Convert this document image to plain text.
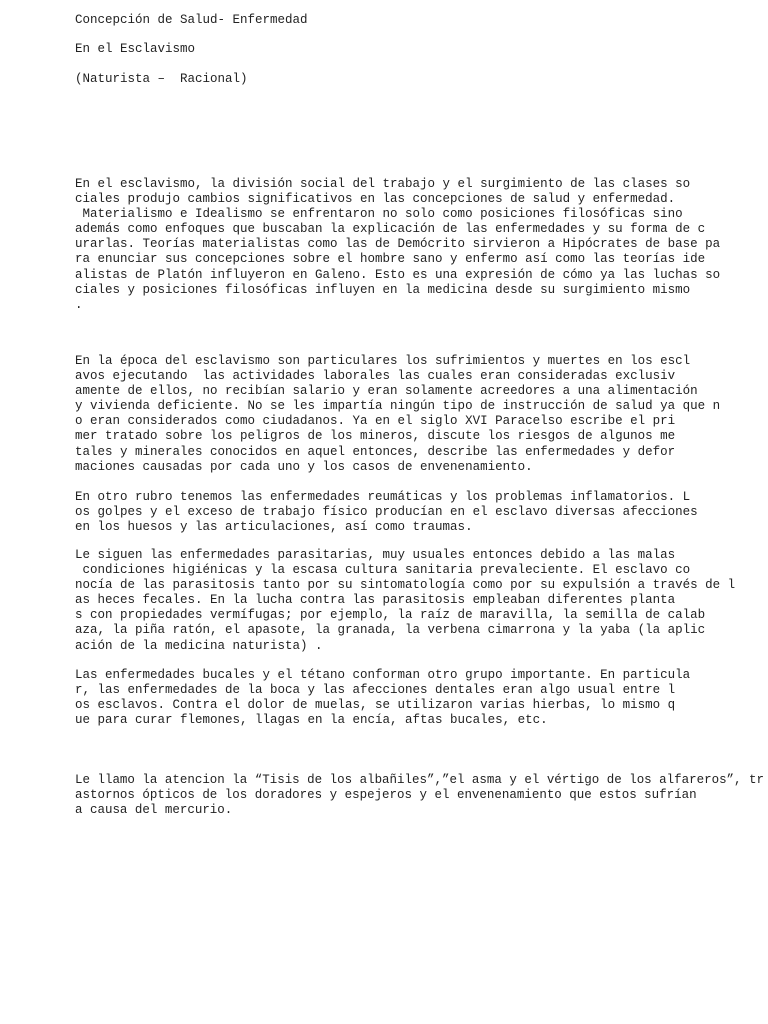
Concepción de Salud- Enfermedad
En el Esclavismo
(Naturista –  Racional)
En el esclavismo, la división social del trabajo y el surgimiento de las clases so
ciales produjo cambios significativos en las concepciones de salud y enfermedad.
Materialismo e Idealismo se enfrentaron no solo como posiciones filosóficas sino
además como enfoques que buscaban la explicación de las enfermedades y su forma de c
urarlas. Teorías materialistas como las de Demócrito sirvieron a Hipócrates de base pa
ra enunciar sus concepciones sobre el hombre sano y enfermo así como las teorías ide
alistas de Platón influyeron en Galeno. Esto es una expresión de cómo ya las luchas so
ciales y posiciones filosóficas influyen en la medicina desde su surgimiento mismo
.
En la época del esclavismo son particulares los sufrimientos y muertes en los escl
avos ejecutando  las actividades laborales las cuales eran consideradas exclusiv
amente de ellos, no recibían salario y eran solamente acreedores a una alimentación
y vivienda deficiente. No se les impartía ningún tipo de instrucción de salud ya que n
o eran considerados como ciudadanos. Ya en el siglo XVI Paracelso escribe el pri
mer tratado sobre los peligros de los mineros, discute los riesgos de algunos me
tales y minerales conocidos en aquel entonces, describe las enfermedades y defor
maciones causadas por cada uno y los casos de envenenamiento.
En otro rubro tenemos las enfermedades reumáticas y los problemas inflamatorios. L
os golpes y el exceso de trabajo físico producían en el esclavo diversas afecciones
en los huesos y las articulaciones, así como traumas.
Le siguen las enfermedades parasitarias, muy usuales entonces debido a las malas
condiciones higiénicas y la escasa cultura sanitaria prevaleciente. El esclavo co
nocía de las parasitosis tanto por su sintomatología como por su expulsión a través de l
as heces fecales. En la lucha contra las parasitosis empleaban diferentes planta
s con propiedades vermífugas; por ejemplo, la raíz de maravilla, la semilla de calab
aza, la piña ratón, el apasote, la granada, la verbena cimarrona y la yaba (la aplic
ación de la medicina naturista) .
Las enfermedades bucales y el tétano conforman otro grupo importante. En particula
r, las enfermedades de la boca y las afecciones dentales eran algo usual entre l
os esclavos. Contra el dolor de muelas, se utilizaron varias hierbas, lo mismo q
ue para curar flemones, llagas en la encía, aftas bucales, etc.
Le llamo la atencion la “Tisis de los albañiles”,”el asma y el vértigo de los alfareros”, tr
astornos ópticos de los doradores y espejeros y el envenenamiento que estos sufrían
a causa del mercurio.
